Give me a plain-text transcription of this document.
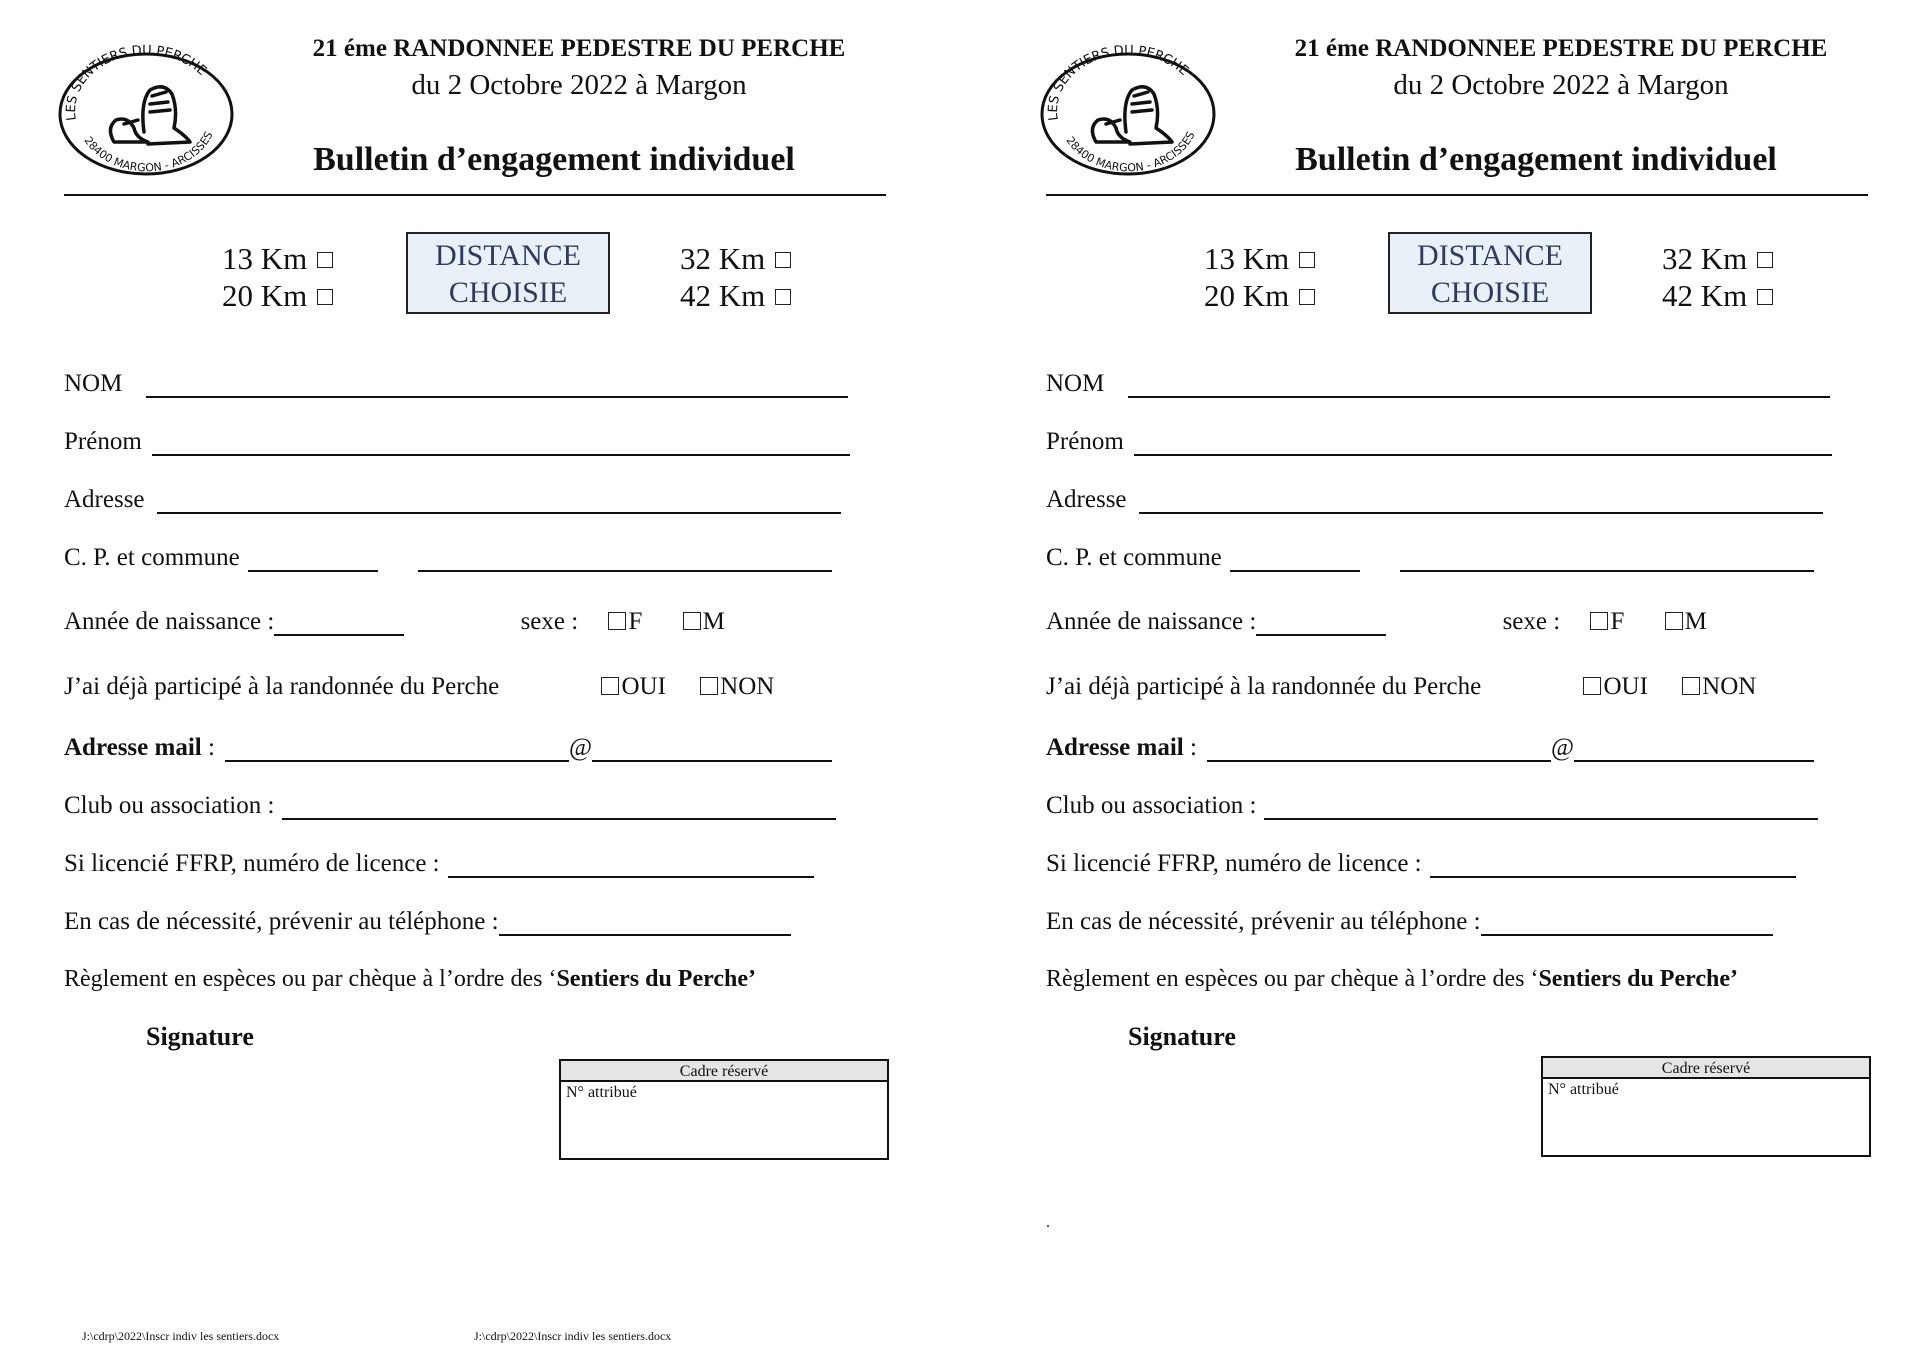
LES SENTIERS DU PERCHE
28400 MARGON - ARCISSES
21 éme RANDONNEE PEDESTRE DU PERCHE
du 2 Octobre 2022 à Margon
Bulletin d’engagement individuel
13 Km
20 Km
DISTANCE
CHOISIE
32 Km
42 Km
NOM
Prénom
Adresse
C. P. et commune
Année de naissance :	sexe : F M
J’ai déjà participé à la randonnée du Perche	OUI NON
Adresse mail :	@
Club ou association :
Si licencié FFRP, numéro de licence :
En cas de nécessité, prévenir au téléphone :
Règlement en espèces ou par chèque à l’ordre des ‘Sentiers du Perche’
Signature
Cadre réservé
N° attribué
LES SENTIERS DU PERCHE
28400 MARGON - ARCISSES
21 éme RANDONNEE PEDESTRE DU PERCHE
du 2 Octobre 2022 à Margon
Bulletin d’engagement individuel
13 Km
20 Km
DISTANCE
CHOISIE
32 Km
42 Km
NOM
Prénom
Adresse
C. P. et commune
Année de naissance :	sexe : F M
J’ai déjà participé à la randonnée du Perche	OUI NON
Adresse mail :	@
Club ou association :
Si licencié FFRP, numéro de licence :
En cas de nécessité, prévenir au téléphone :
Règlement en espèces ou par chèque à l’ordre des ‘Sentiers du Perche’
Signature
Cadre réservé
N° attribué
.
J:\cdrp\2022\Inscr indiv les sentiers.docx	J:\cdrp\2022\Inscr indiv les sentiers.docx
